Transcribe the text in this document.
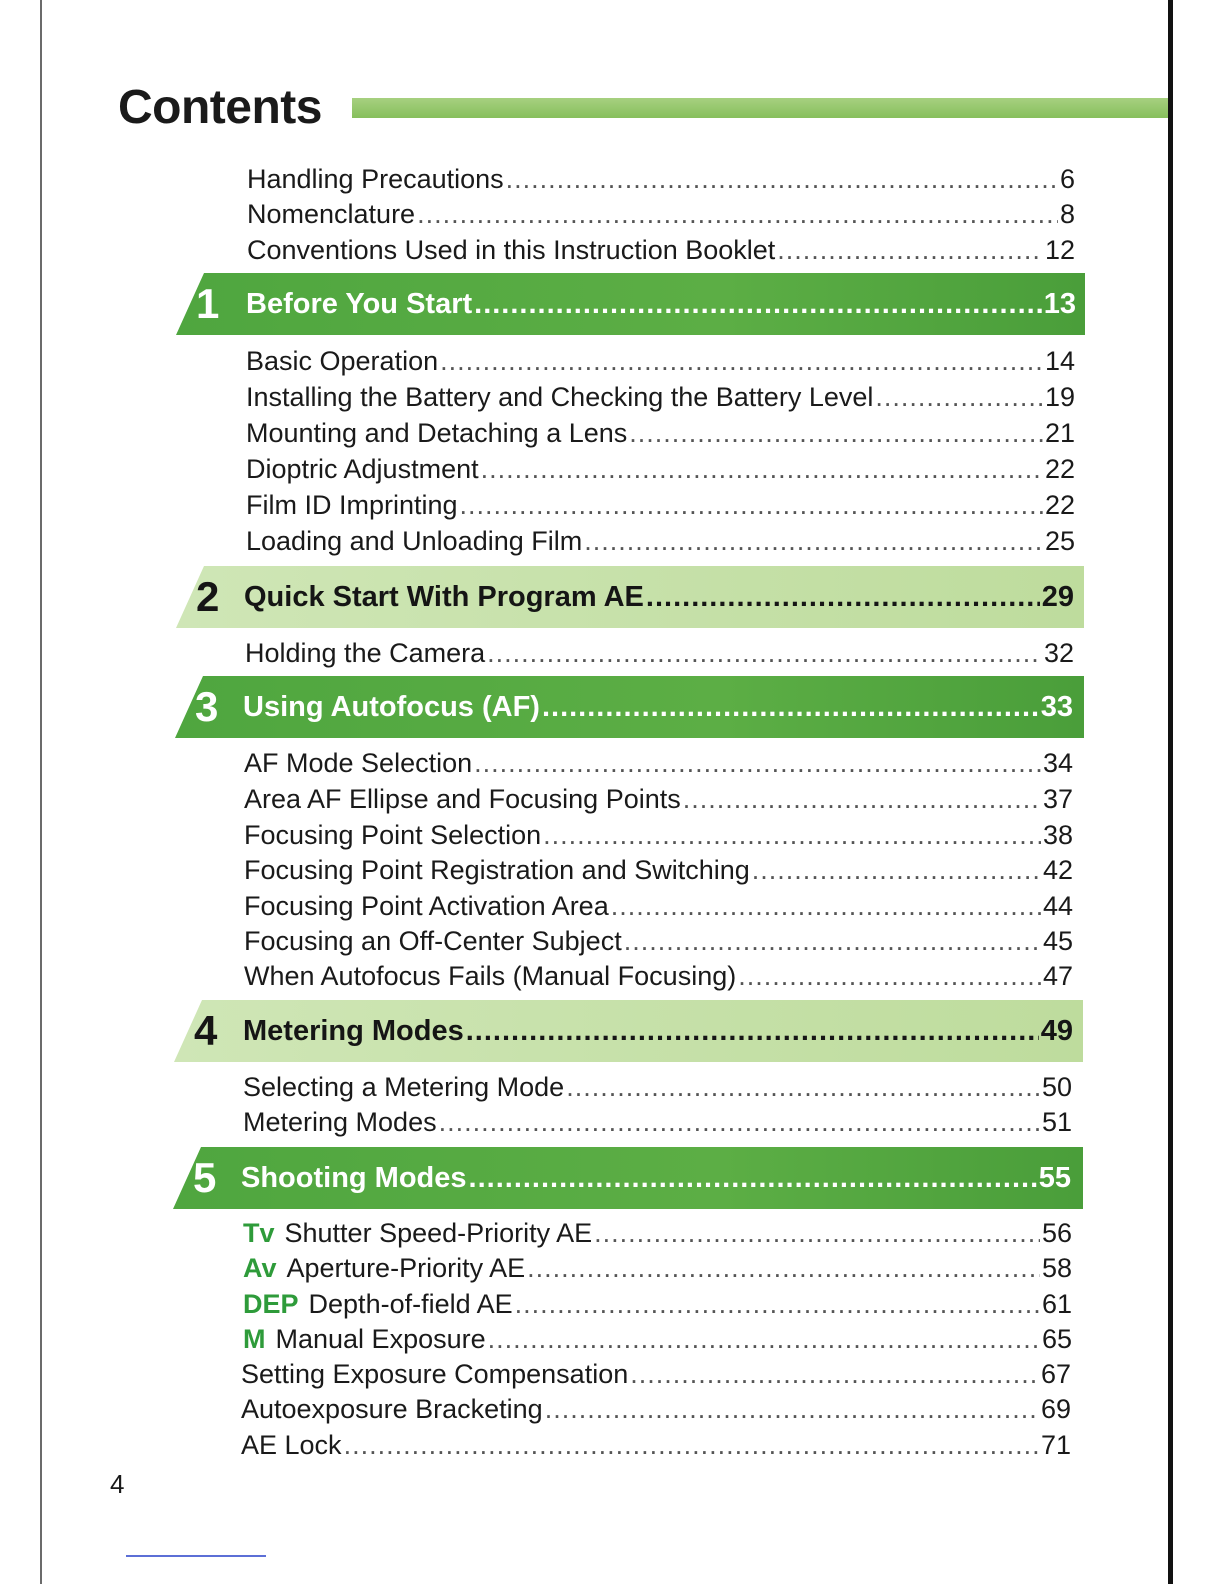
Contents
Handling Precautions .....	6
Nomenclature .....	8
Conventions Used in this Instruction Booklet .....	12
1 Before You Start .....	13
Basic Operation .....	14
Installing the Battery and Checking the Battery Level .....	19
Mounting and Detaching a Lens .....	21
Dioptric Adjustment .....	22
Film ID Imprinting .....	22
Loading and Unloading Film .....	25
2 Quick Start With Program AE .....	29
Holding the Camera .....	32
3 Using Autofocus (AF) .....	33
AF Mode Selection .....	34
Area AF Ellipse and Focusing Points .....	37
Focusing Point Selection .....	38
Focusing Point Registration and Switching .....	42
Focusing Point Activation Area .....	44
Focusing an Off-Center Subject .....	45
When Autofocus Fails (Manual Focusing) .....	47
4 Metering Modes .....	49
Selecting a Metering Mode .....	50
Metering Modes .....	51
5 Shooting Modes .....	55
Tv Shutter Speed-Priority AE .....	56
Av Aperture-Priority AE .....	58
DEP Depth-of-field AE .....	61
M Manual Exposure .....	65
Setting Exposure Compensation .....	67
Autoexposure Bracketing .....	69
AE Lock .....	71
4
